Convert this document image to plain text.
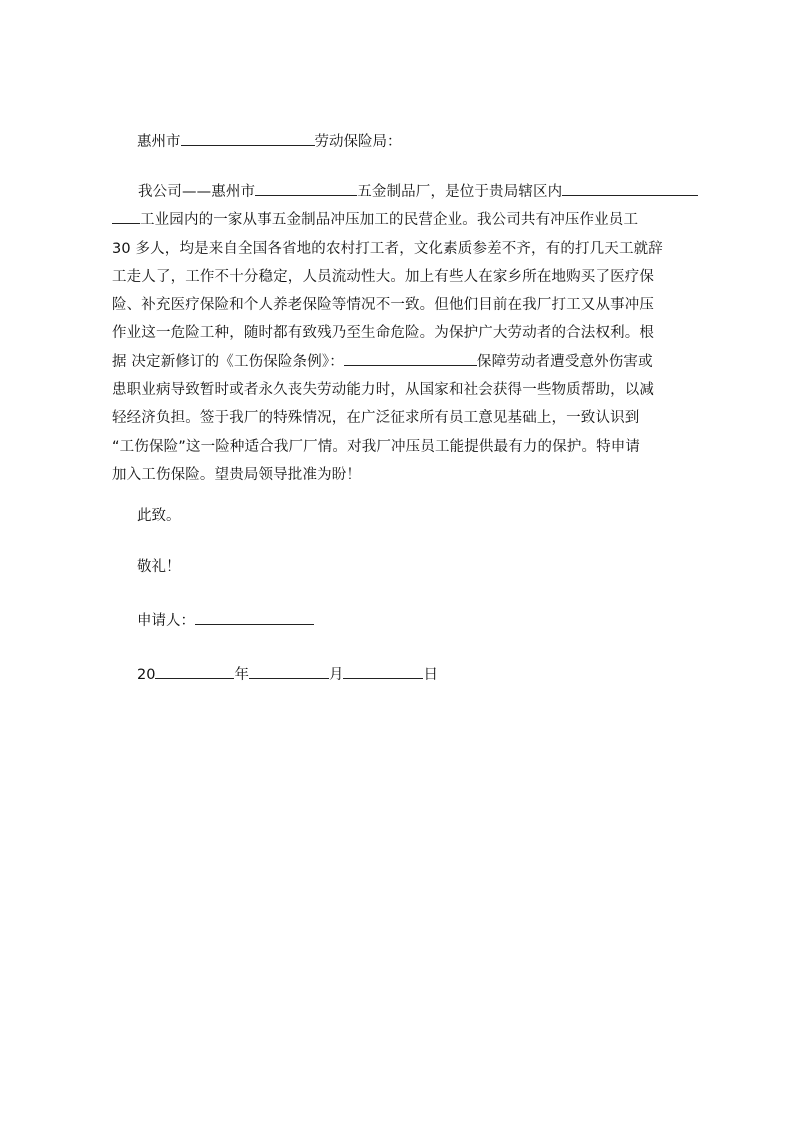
惠州市	劳动保险局：
我公司——惠州市	五金制品厂，是位于贵局辖区内
工业园内的一家从事五金制品冲压加工的民营企业。我公司共有冲压作业员工
30 多人，均是来自全国各省地的农村打工者，文化素质参差不齐，有的打几天工就辞
工走人了，工作不十分稳定，人员流动性大。加上有些人在家乡所在地购买了医疗保
险、补充医疗保险和个人养老保险等情况不一致。但他们目前在我厂打工又从事冲压
作业这一危险工种，随时都有致残乃至生命危险。为保护广大劳动者的合法权利。根
据 决定新修订的《工伤保险条例》：	保障劳动者遭受意外伤害或
患职业病导致暂时或者永久丧失劳动能力时，从国家和社会获得一些物质帮助，以减
轻经济负担。签于我厂的特殊情况，在广泛征求所有员工意见基础上，一致认识到
“工伤保险”这一险种适合我厂厂情。对我厂冲压员工能提供最有力的保护。特申请
加入工伤保险。望贵局领导批准为盼！
此致。
敬礼！
申请人：
20	年	月	日
